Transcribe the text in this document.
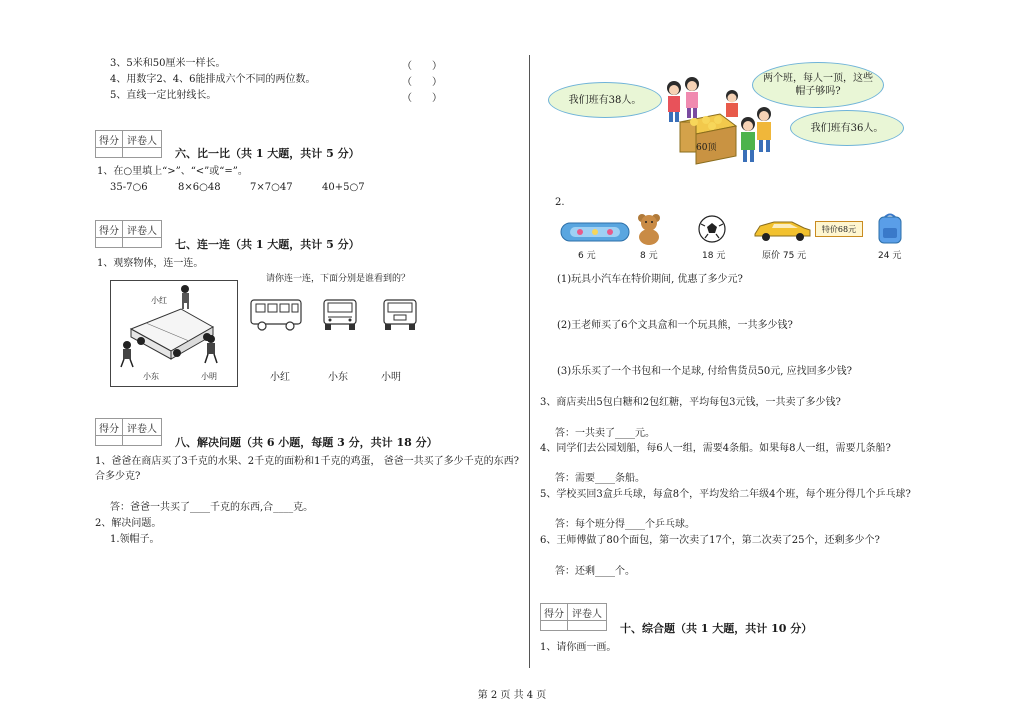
3、5米和50厘米一样长。	（　　）
4、用数字2、4、6能排成六个不同的两位数。	（　　）
5、直线一定比射线长。	（　　）
得分 评卷人
六、比一比（共 1 大题，共计 5 分）
1、在○里填上“>”、“<”或“=”。
35-7○6	8×6○48	7×7○47	40+5○7
得分 评卷人
七、连一连（共 1 大题，共计 5 分）
1、观察物体，连一连。
请你连一连，下面分别是谁看到的？
小红
小东	小明	小红	小东	小明
得分 评卷人
八、解决问题（共 6 小题，每题 3 分，共计 18 分）
1、爸爸在商店买了3千克的水果、2千克的面粉和1千克的鸡蛋， 爸爸一共买了多少千克的东西?
合多少克?
答：爸爸一共买了____千克的东西,合____克。
2、解决问题。
1.领帽子。
我们班有38人。
两个班，每人一顶，这些帽子够吗?
我们班有36人。
60顶
2.
特价68元
6 元	8 元	18 元	原价 75 元	24 元
(1)玩具小汽车在特价期间, 优惠了多少元?
(2)王老师买了6个文具盒和一个玩具熊，一共多少钱?
(3)乐乐买了一个书包和一个足球, 付给售货员50元, 应找回多少钱?
3、商店卖出5包白糖和2包红糖，平均每包3元钱，一共卖了多少钱?
答：一共卖了____元。
4、同学们去公园划船，每6人一组，需要4条船。如果每8人一组，需要几条船?
答：需要____条船。
5、学校买回3盒乒乓球，每盒8个，平均发给二年级4个班，每个班分得几个乒乓球?
答：每个班分得____个乒乓球。
6、王师傅做了80个面包，第一次卖了17个，第二次卖了25个，还剩多少个?
答：还剩____个。
得分 评卷人
十、综合题（共 1 大题，共计 10 分）
1、请你画一画。
第 2 页 共 4 页
